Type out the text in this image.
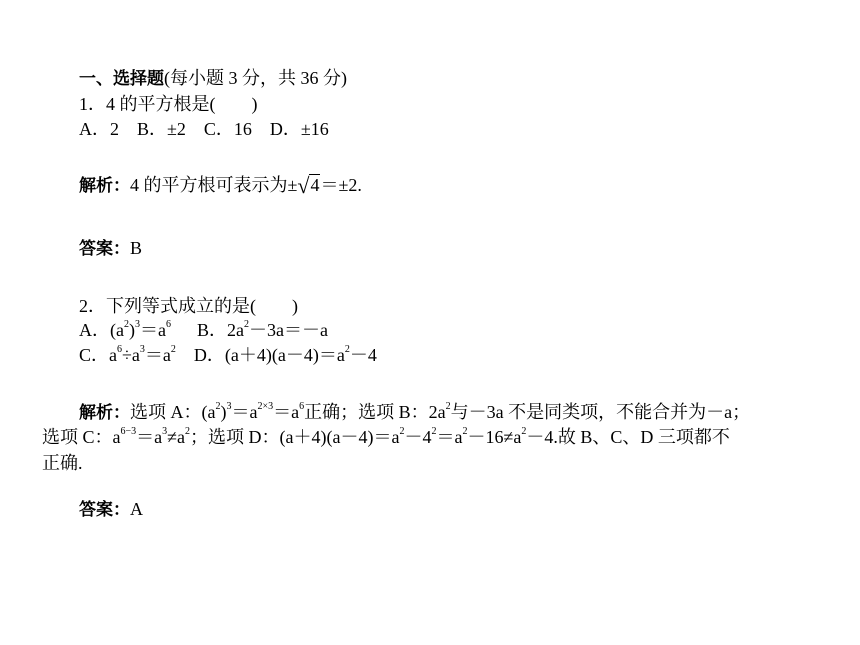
一、选择题(每小题 3 分，共 36 分)
1．4 的平方根是(　　)
A．2　B．±2　C．16　D．±16
解析：4 的平方根可表示为±√4＝±2.
答案：B
2．下列等式成立的是(　　)
A．$(a^2)^3=a^6$ B．$2a^2-3a=-a$
C．$a^6\div a^3=a^2$ D．$(a+4)(a-4)=a^2-4$
解析：选项 A：$(a^2)^3=a^{2\times 3}=a^6$正确；选项 B：$2a^2$与－3a 不是同类项，不能合并为－a；
选项 C：$a^{6-3}=a^3\ne a^2$；选项 D：$(a+4)(a-4)=a^2-4^2=a^2-16\ne a^2-4$.故 B、C、D 三项都不
正确.
答案：A
